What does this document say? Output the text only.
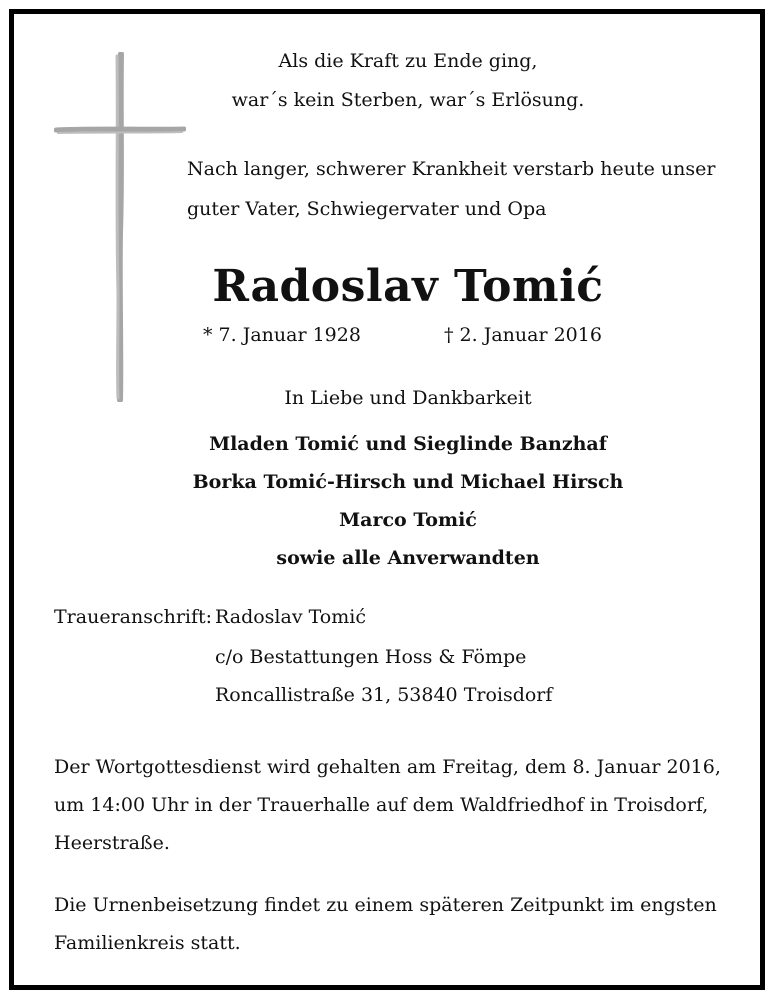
Als die Kraft zu Ende ging,
war´s kein Sterben, war´s Erlösung.
Nach langer, schwerer Krankheit verstarb heute unser
guter Vater, Schwiegervater und Opa
Radoslav Tomić
* 7. Januar 1928	† 2. Januar 2016
In Liebe und Dankbarkeit
Mladen Tomić und Sieglinde Banzhaf
Borka Tomić-Hirsch und Michael Hirsch
Marco Tomić
sowie alle Anverwandten
Traueranschrift: Radoslav Tomić
c/o Bestattungen Hoss & Fömpe
Roncallistraße 31, 53840 Troisdorf
Der Wortgottesdienst wird gehalten am Freitag, dem 8. Januar 2016,
um 14:00 Uhr in der Trauerhalle auf dem Waldfriedhof in Troisdorf,
Heerstraße.
Die Urnenbeisetzung findet zu einem späteren Zeitpunkt im engsten
Familienkreis statt.
